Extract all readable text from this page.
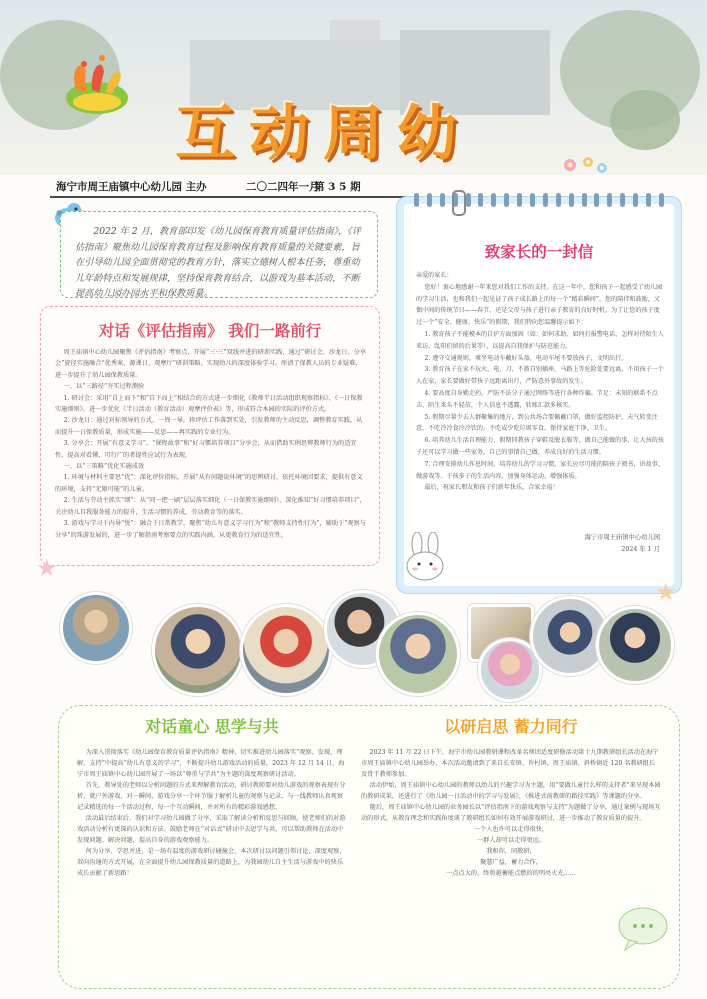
互动周幼
海宁市周王庙镇中心幼儿园 主办	二〇二四年一月
第 3 5 期

2022 年 2 月，教育部印发《幼儿园保育教育质量评估指南》，《评估指南》聚焦幼儿园保育教育过程及影响保育教育质量的关键要素，旨在引导幼儿园全面贯彻党的教育方针，落实立德树人根本任务，尊重幼儿年龄特点和发展规律，坚持保育教育结合，以游戏为基本活动，不断提高幼儿园办园水平和保教质量。

对话《评估指南》 我们一路前行

周王庙镇中心幼儿园聚焦《评估指南》考察点，开展“三·三”双线并进的研训实践，通过“研讨会、沙龙日、分享会”旋径实施融合“优秀案、源课日、观摩厅”研训策略，实现幼儿的深度体验学习。厘清了保教人员的专业疑难，进一步提升了幼儿园保教质量。

一、以“三路径”夯实过程测验

1. 研讨会：采用“自上而下”和“自下而上”相结合的方式进一步细化《教师半日活动组织观察指标》、《一日保教实施细则》，进一步优化《半日活动（教育活动）观摩评价表》等，形成符合本园的实际的评价方式。

2. 沙龙日：通过对标领导的方式，一周一导，将评估工作落到实处，引发教师的主动反思，调整教育实践，从而提升一日保教质量，形成实施——反思——再实践的专业行为。

3. 分享会：开展“有意义学习”、“课程故事”和“好习惯培养项目”分享会，从而借助实例思辨教师行为的适宜性，提高对看懂、可行广的者提性应试行为表现。

一、以“三策略”优化实施成效

1. 环境与材料主要思“优”：深化评价指标，开展“从有问题说环境”的思辨研讨，依托环境因要求，提供有意义的环境，支持“无限可能”的儿童。

2. 生活与劳动主抓实“细”：从“同一把一刷”层层落实细化（一日保教实施细则），深化推知“好习惯培养项目”，关注幼儿自我服务能力的提升，生活习惯的养成，劳动教育等的落实。

3. 游戏与学习于内导“悦”：融合于日常教学，聚焦“幼儿有意义学习行为”和“教师支持性行为”，辅助于“观察与分享”的珠游发展的，进一步了解指南考察要点的实践内涵，从更教育行为的适宜性。

致家长的一封信

亲爱的家长：

您好！衷心地感谢一年来您对我们工作的支持。在这一年中，您和孩子一起感受了幼儿园的学习生活，也和我们一起见证了孩子成长路上的每一个“精彩瞬间”，您的陪伴和鼓励，又偶中间的传统节日——春节，还是父母与孩子进行亲子教育的良好时机。为了让您的孩子度过一个“安全、健康、快乐”的假期，我们特向您温馨提示如下：

1. 教育孩子不能模本的自护方面加固（如：如何求助、如何打报警电话、怎样对待陌生人来访、乱阳们留的后果等），以提高自我保护与防范能力。

2. 遵守交通规则，乘坐电动车戴好头盔，电动车尾不要放孩子，文明出行。

3. 教育孩子在家不玩火，电、刀、不拨自别插座，马路上等危险处要远离，不用孩子一个人在家，家长要做好带孩子远距离出行，严防意外事故的发生。

4. 要高度自身勤走药，严防不法分子通过网络等进行各种诈骗。节足：未知的联系不点击，陌生来头不轻信，个人信息不透露，转账汇款多核实。

5. 假期尽量少去人群聚集的地方，到公共场合要佩戴口罩，做好监控防护，天气转变注意，不吃冷冷食冷冷饮的，不吃或少吃垃圾零食，保持家庭干净、卫生。

6. 培养幼儿生活自理能力，假期同教孩子穿鞋及脱衣服等，做自己能做的事，让大孩的孩子还可以学习做一些家务，自己的事情自己做，养成良好的生活习惯。

7. 合理安排幼儿作息时间，培养幼儿的学习习惯，家长应尽可能的陪孩子阅书，讲故事、做游戏等。于孩多子的生活内容、加强身体运动，增强体质。

最后，祝家长朋友和孩子们新年快乐，合家幸福！

海宁市周王庙镇中心幼儿园
2024 年 1 月
★
★
对话童心 思学与共

为深入贯彻落实《幼儿园保育教育质量评估指南》精神，切实推进幼儿园落实“观察、发现、理解、支持”中提高“幼儿有意义的学习”，不断提升幼儿游戏活动的质量。2023 年 12 月 14 日，海宁市周王庙镇中心幼儿园开展了一场以“尊重与学共”为主题的深度观察研讨活动。

首先，教导处的老师以分析问题的方式来理解教育活动，研讨教师要对幼儿游戏的观察表现有分析，就户外游戏、对一瞬间、游戏分享一个环节服于解析儿童的观察与记录，与一线教师认真观察记录精选的每一个活动过程，每一个互动瞬间，并对所有的精彩游戏感想。

活动最后结束后，我们对学习幼儿园做了分享，采取了解读分析和反思与回顾，使老师们的对游戏活动分析有更深的认识和方法。鼓励老师在“对话式”研讨中去思学与共，可以帮助教师在活动中发现问题、解决问题，提高自身的游戏观察能力。

何为分享、学思并进，是一场有温度的游戏研讨碰撞会，本次研讨以问题引领讨论，深度观察，双向沟通的方式开展，在全面提升幼儿园保教质量的道路上，为我园幼儿自主生活与游戏中的快乐成长贡献了新思路！

以研启思 蓄力同行

2023 年 11 月 22 日下午，海宁市幼儿园教研课程改革名师团适度研修活动第十九期教研组长活动在海宁市周王庙镇中心幼儿园举办，本次活动邀请到了来自长安镇、许村镇、周王庙镇、斜桥镇近 120 名教研组长及骨干教师参加。

活动伊始，周王庙镇中心幼儿园的教师以幼儿的兴趣学习为主题，用“要做儿童什么样的支持者”来呈现本园的教研成果，还进行了《幼儿园一日活动中的学习与发展》，《推进式前教研的路径实践》等课题的分享。

随后，周王庙镇中心幼儿园的业务园长以“评估指南下的游戏观察与支持”为题做了分享，通过案例与现场互动的形式，从教育理念和实践角度谈了教研组长如何有效开展游戏研讨，进一步推动了教育质量的提升。

一个人也许可以走得很快，

一群人却可以走得更远。

我和你，同教研，

聚慧广益，蓄力合作，

一点点大的，终将越蓄能点燃的的明亮火光……
